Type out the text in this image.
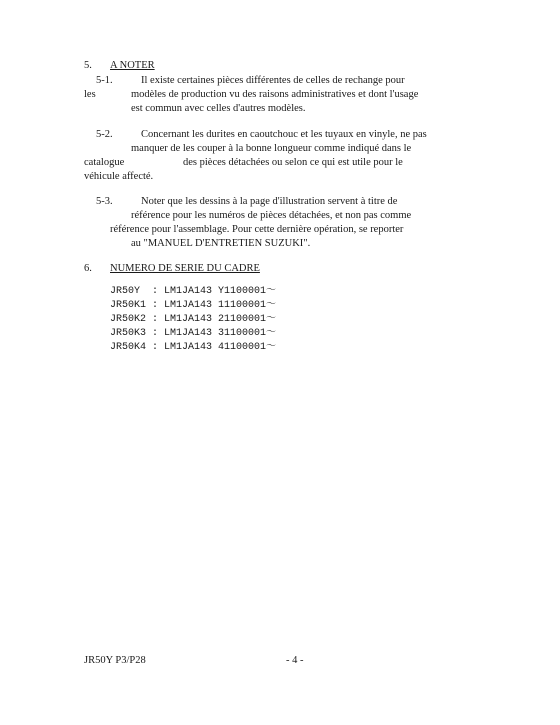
5. A NOTER
5-1.	Il existe certaines pièces différentes de celles de rechange pour
les	modèles de production vu des raisons administratives et dont l'usage
est commun avec celles d'autres modèles.
5-2.	Concernant les durites en caoutchouc et les tuyaux en vinyle, ne pas
manquer de les couper à la bonne longueur comme indiqué dans le
catalogue	des pièces détachées ou selon ce qui est utile pour le
véhicule affecté.
5-3.	Noter que les dessins à la page d'illustration servent à titre de
référence pour les numéros de pièces détachées, et non pas comme
référence pour l'assemblage. Pour cette dernière opération, se reporter
au "MANUEL D'ENTRETIEN SUZUKI".
6. NUMERO DE SERIE DU CADRE
JR50Y  : LM1JA143 Y1100001～
JR50K1 : LM1JA143 11100001～
JR50K2 : LM1JA143 21100001～
JR50K3 : LM1JA143 31100001～
JR50K4 : LM1JA143 41100001～
JR50Y P3/P28	- 4 -
